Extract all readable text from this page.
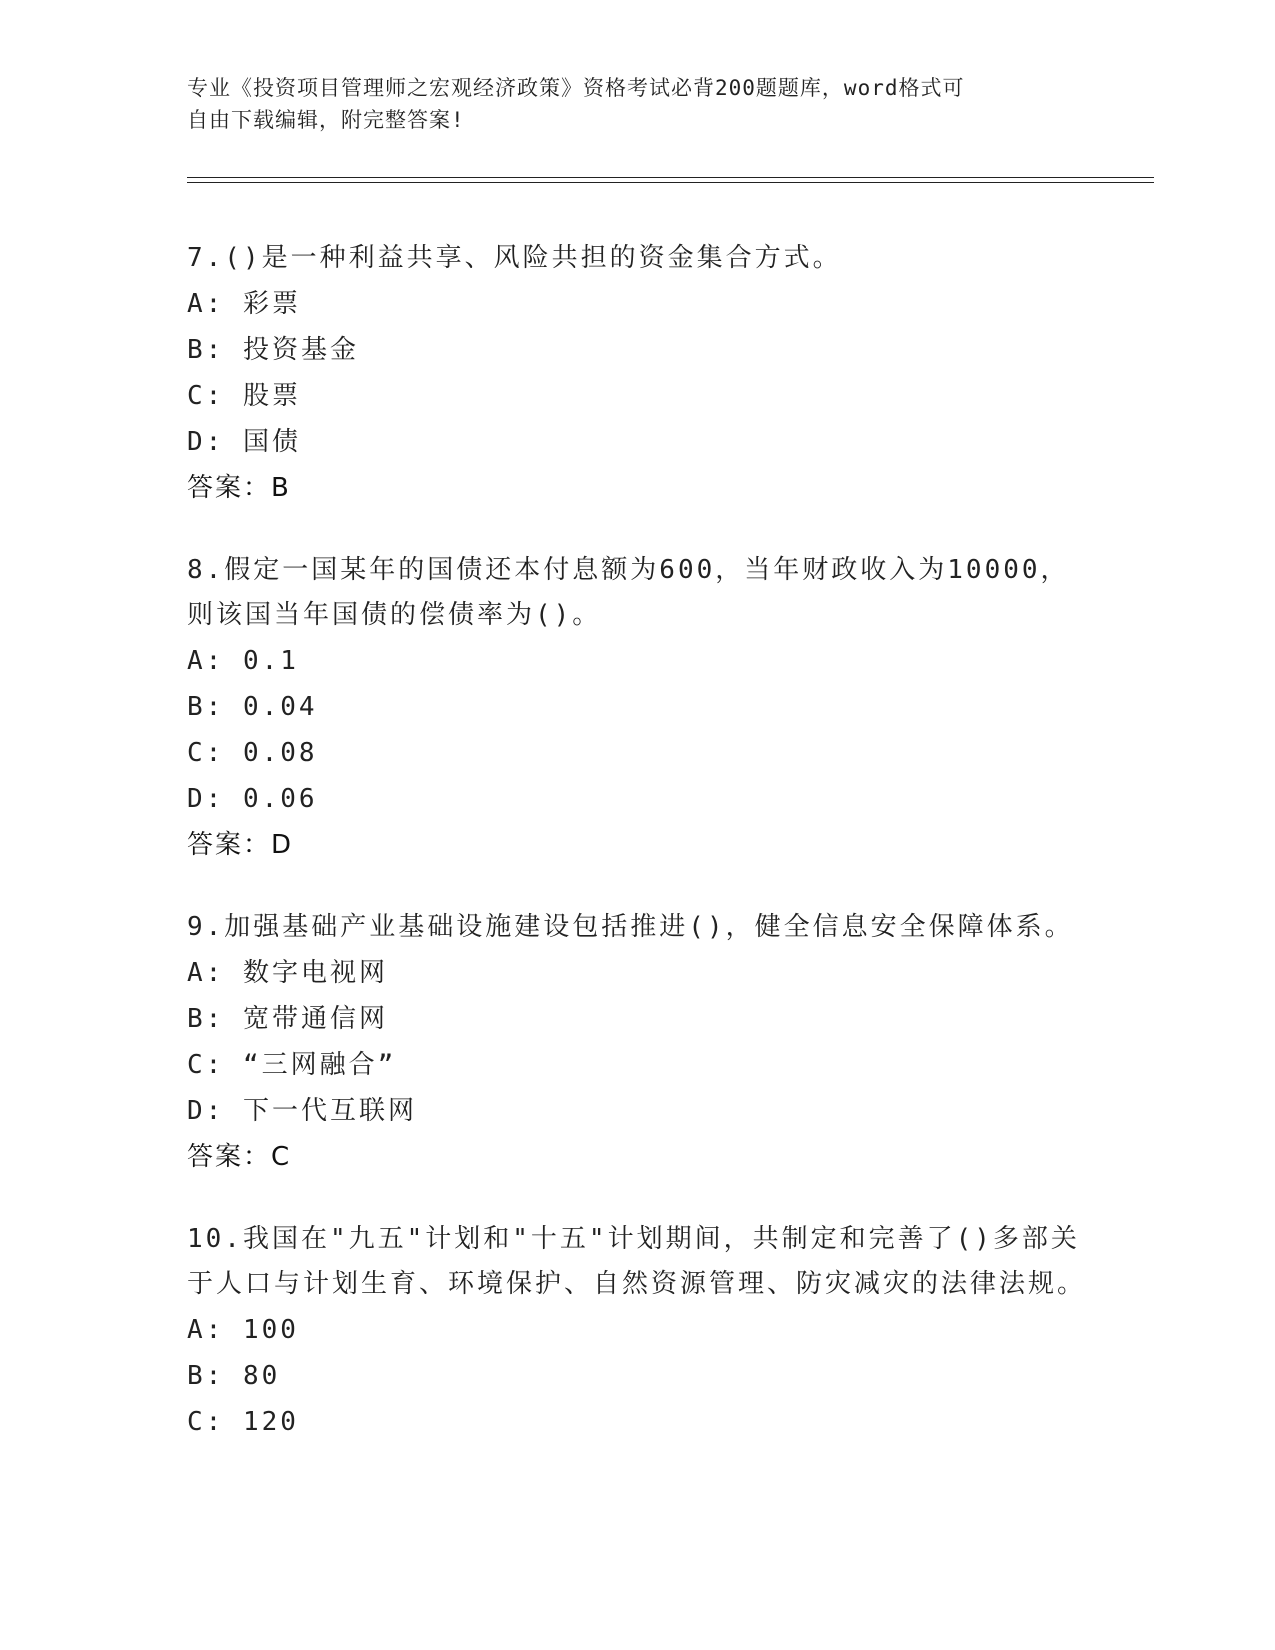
专业《投资项目管理师之宏观经济政策》资格考试必背200题题库，word格式可
自由下载编辑，附完整答案!
7.()是一种利益共享、风险共担的资金集合方式。
A: 彩票
B: 投资基金
C: 股票
D: 国债
答案：B
8.假定一国某年的国债还本付息额为600，当年财政收入为10000，则该国当年国债的偿债率为()。
A: 0.1
B: 0.04
C: 0.08
D: 0.06
答案：D
9.加强基础产业基础设施建设包括推进()，健全信息安全保障体系。
A: 数字电视网
B: 宽带通信网
C: “三网融合”
D: 下一代互联网
答案：C
10.我国在"九五"计划和"十五"计划期间，共制定和完善了()多部关于人口与计划生育、环境保护、自然资源管理、防灾减灾的法律法规。
A: 100
B: 80
C: 120
